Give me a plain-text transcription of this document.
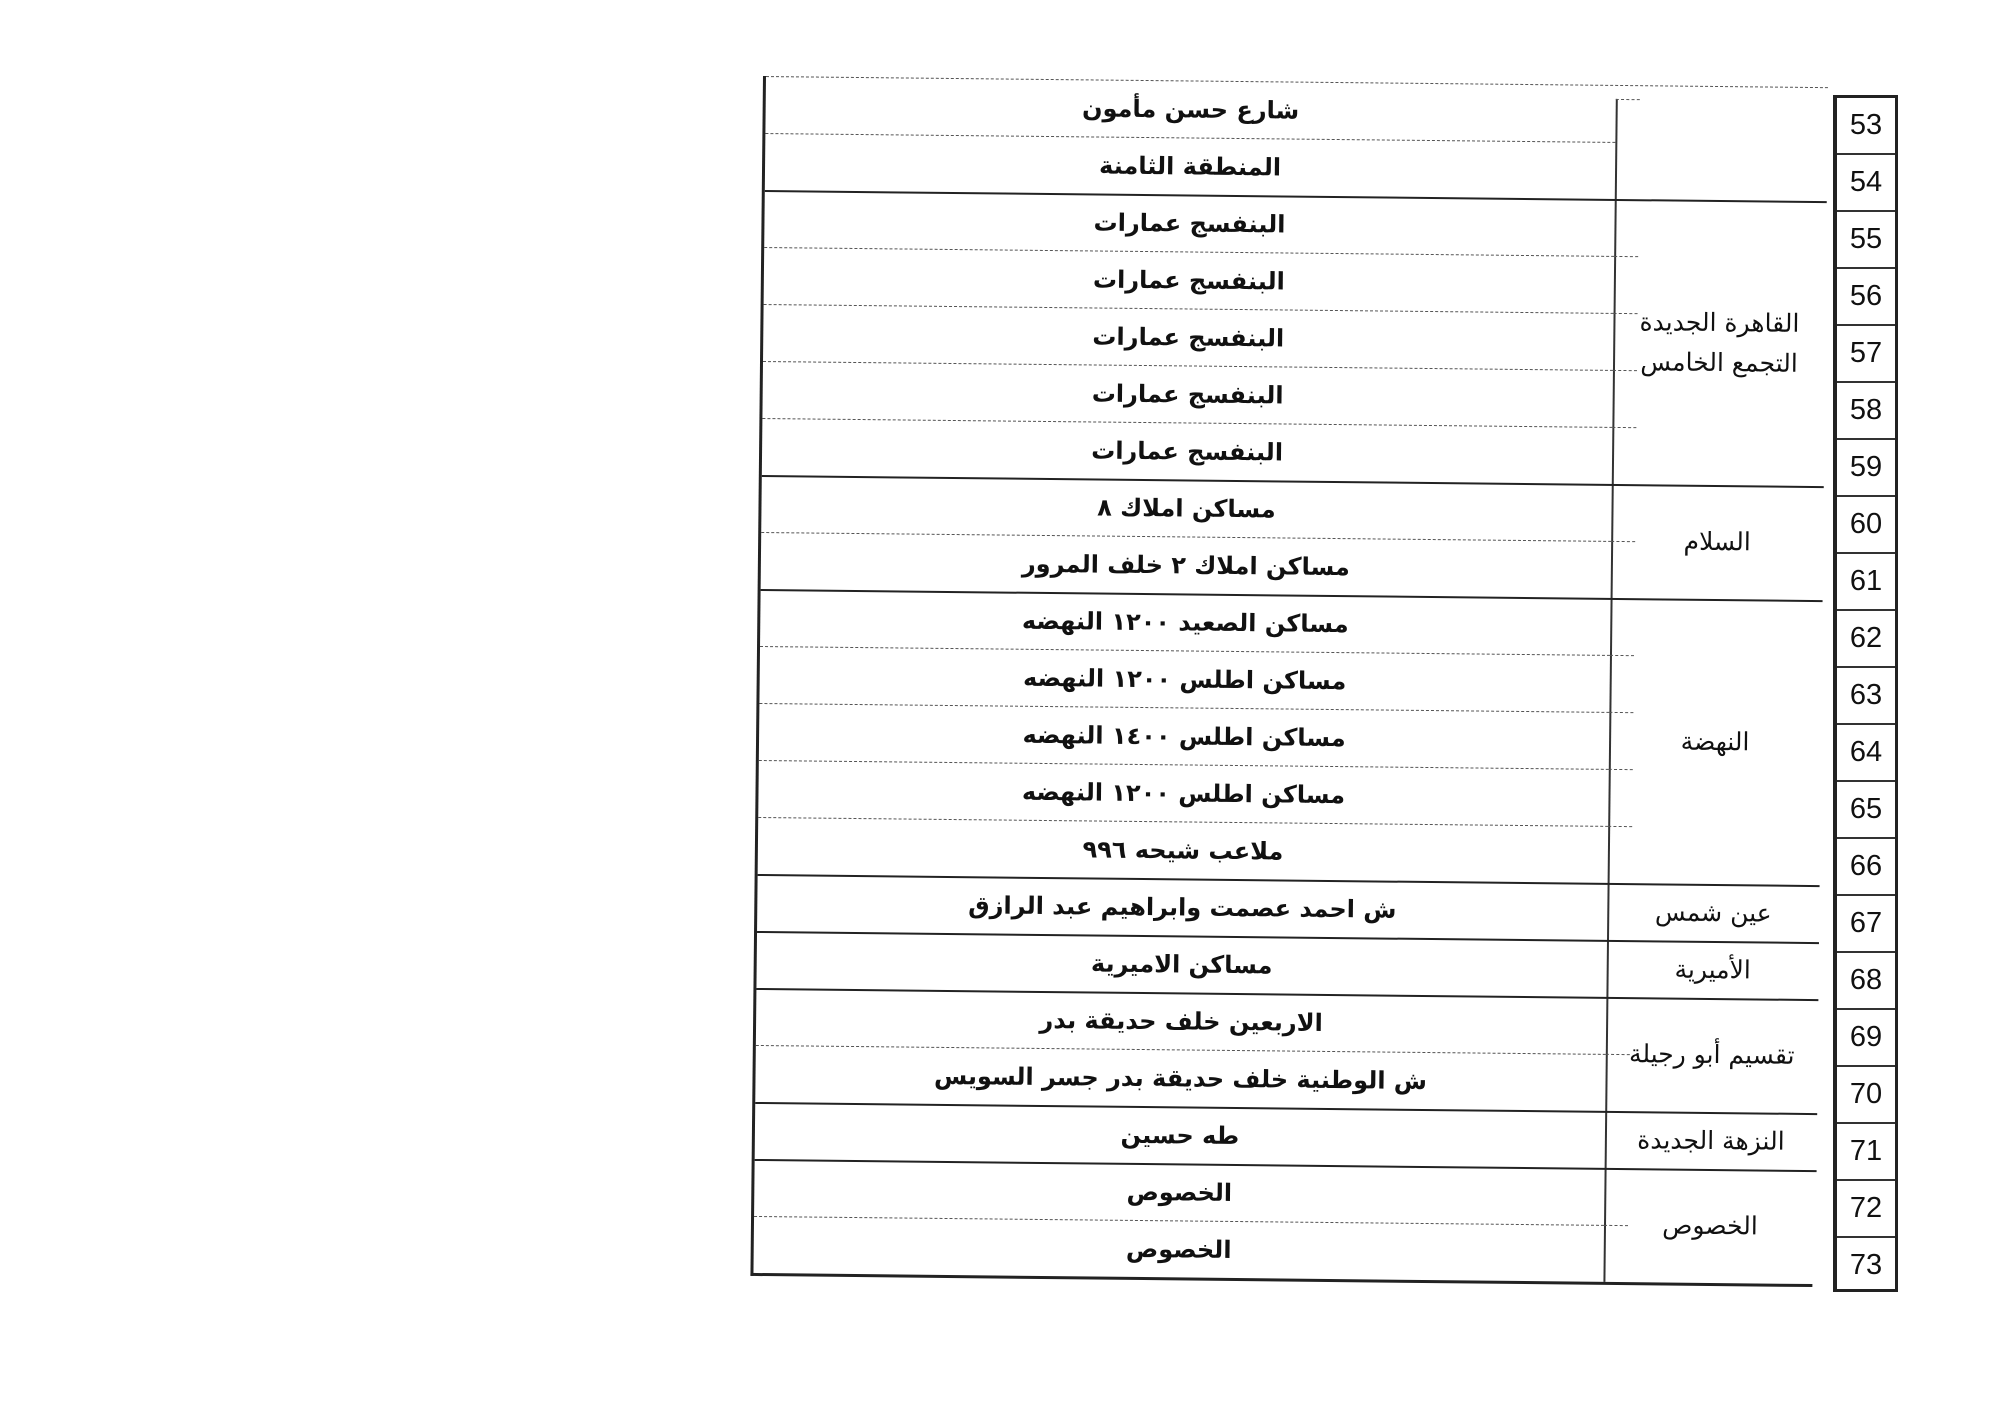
شارع حسن مأمون
المنطقة الثامنة
البنفسج عمارات
البنفسج عمارات
البنفسج عمارات
البنفسج عمارات
البنفسج عمارات
مساكن املاك ٨
مساكن املاك ٢ خلف المرور
مساكن الصعيد ١٢٠٠ النهضه
مساكن اطلس ١٢٠٠ النهضه
مساكن اطلس ١٤٠٠ النهضه
مساكن اطلس ١٢٠٠ النهضه
ملاعب شيحه ٩٩٦
ش احمد عصمت وابراهيم عبد الرازق
مساكن الاميرية
الاربعين خلف حديقة بدر
ش الوطنية خلف حديقة بدر جسر السويس
طه حسين
الخصوص
الخصوص
القاهرة الجديدة
التجمع الخامس
السلام
النهضة
عين شمس
الأميرية
تقسيم أبو رجيلة
النزهة الجديدة
الخصوص
53
54
55
56
57
58
59
60
61
62
63
64
65
66
67
68
69
70
71
72
73
